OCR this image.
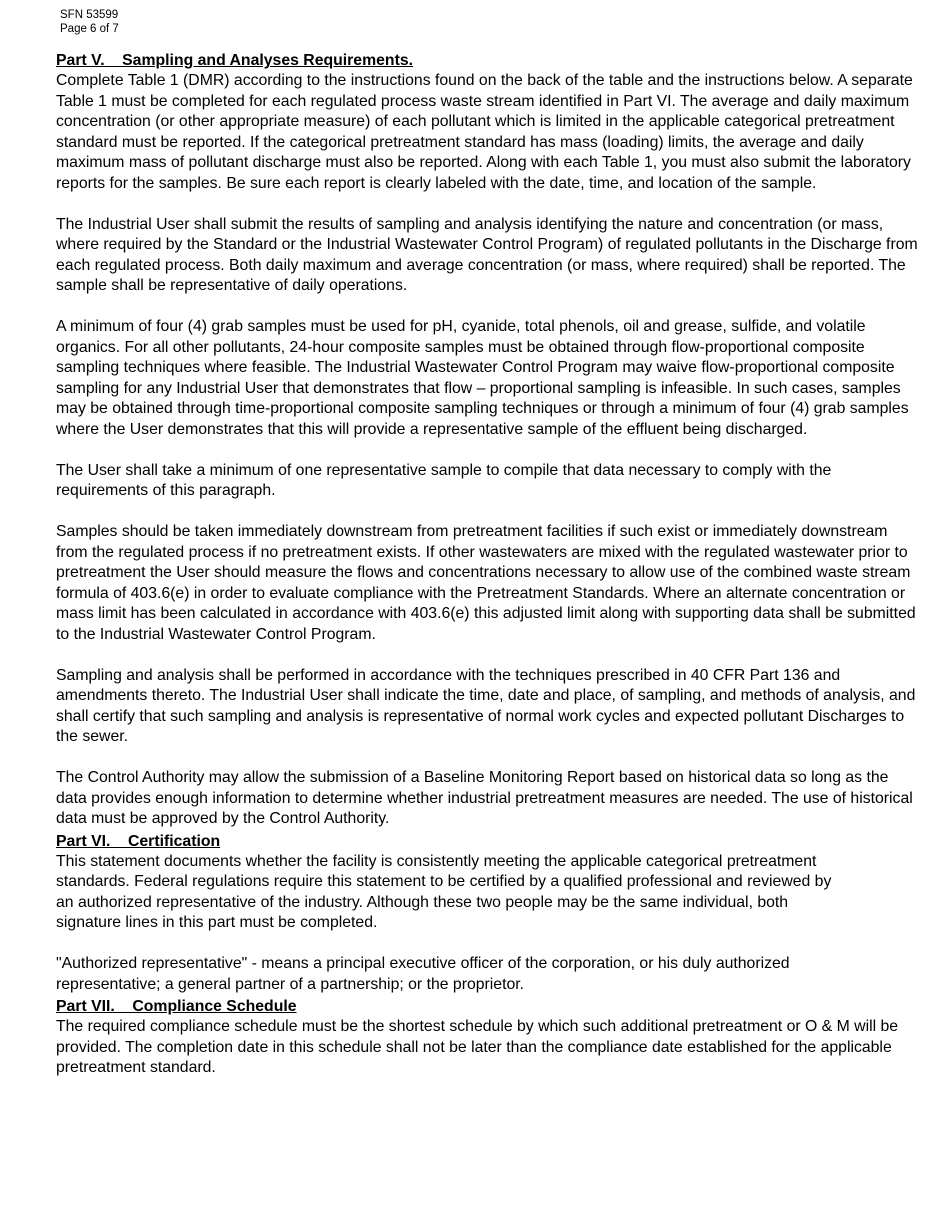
SFN 53599
Page 6 of 7
Part V.    Sampling and Analyses Requirements.

Complete Table 1 (DMR) according to the instructions found on the back of the table and the instructions below. A separate Table 1 must be completed for each regulated process waste stream identified in Part VI. The average and daily maximum concentration (or other appropriate measure) of each pollutant which is limited in the applicable categorical pretreatment standard must be reported. If the categorical pretreatment standard has mass (loading) limits, the average and daily maximum mass of pollutant discharge must also be reported. Along with each Table 1, you must also submit the laboratory reports for the samples. Be sure each report is clearly labeled with the date, time, and location of the sample.

The Industrial User shall submit the results of sampling and analysis identifying the nature and concentration (or mass, where required by the Standard or the Industrial Wastewater Control Program) of regulated pollutants in the Discharge from each regulated process. Both daily maximum and average concentration (or mass, where required) shall be reported. The sample shall be representative of daily operations.

A minimum of four (4) grab samples must be used for pH, cyanide, total phenols, oil and grease, sulfide, and volatile organics. For all other pollutants, 24-hour composite samples must be obtained through flow-proportional composite sampling techniques where feasible. The Industrial Wastewater Control Program may waive flow-proportional composite sampling for any Industrial User that demonstrates that flow – proportional sampling is infeasible. In such cases, samples may be obtained through time-proportional composite sampling techniques or through a minimum of four (4) grab samples where the User demonstrates that this will provide a representative sample of the effluent being discharged.

The User shall take a minimum of one representative sample to compile that data necessary to comply with the requirements of this paragraph.

Samples should be taken immediately downstream from pretreatment facilities if such exist or immediately downstream from the regulated process if no pretreatment exists. If other wastewaters are mixed with the regulated wastewater prior to pretreatment the User should measure the flows and concentrations necessary to allow use of the combined waste stream formula of 403.6(e) in order to evaluate compliance with the Pretreatment Standards. Where an alternate concentration or mass limit has been calculated in accordance with 403.6(e) this adjusted limit along with supporting data shall be submitted to the Industrial Wastewater Control Program.

Sampling and analysis shall be performed in accordance with the techniques prescribed in 40 CFR Part 136 and amendments thereto. The Industrial User shall indicate the time, date and place, of sampling, and methods of analysis, and shall certify that such sampling and analysis is representative of normal work cycles and expected pollutant Discharges to the sewer.

The Control Authority may allow the submission of a Baseline Monitoring Report based on historical data so long as the data provides enough information to determine whether industrial pretreatment measures are needed. The use of historical data must be approved by the Control Authority.

Part VI.    Certification

This statement documents whether the facility is consistently meeting the applicable categorical pretreatment standards. Federal regulations require this statement to be certified by a qualified professional and reviewed by an authorized representative of the industry. Although these two people may be the same individual, both signature lines in this part must be completed.

"Authorized representative" - means a principal executive officer of the corporation, or his duly authorized representative; a general partner of a partnership; or the proprietor.

Part VII.    Compliance Schedule

The required compliance schedule must be the shortest schedule by which such additional pretreatment or O & M will be provided. The completion date in this schedule shall not be later than the compliance date established for the applicable pretreatment standard.
